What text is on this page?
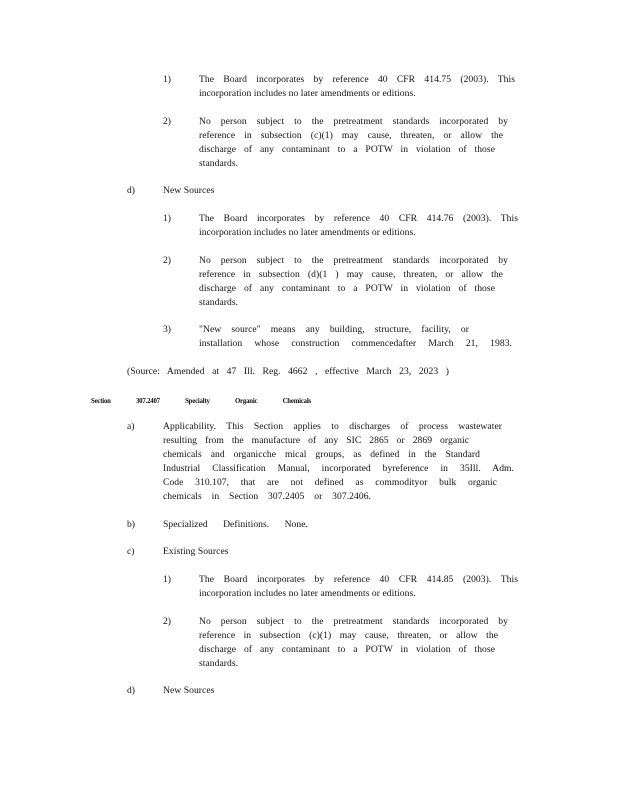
1)	The Board incorporates by reference 40 CFR 414.75 (2003). This
incorporation includes no later amendments or editions.
2)	No person subject to the pretreatment standards incorporated by
reference in subsection (c)(1) may cause, threaten, or allow the
discharge of any contaminant to a POTW in violation of those
standards.
d)	New Sources
1)	The Board incorporates by reference 40 CFR 414.76 (2003). This
incorporation includes no later amendments or editions.
2)	No person subject to the pretreatment standards incorporated by
reference in subsection (d)(1 ) may cause, threaten, or allow the
discharge of any contaminant to a POTW in violation of those
standards.
3)	"New source" means any building, structure, facility, or
installation whose construction commencedafter March 21, 1983.
(Source: Amended at 47 Ill. Reg. 4662 , effective March 23, 2023 )
Section 307.2407 Specialty Organic Chemicals
a)	Applicability. This Section applies to discharges of process wastewater
resulting from the manufacture of any SIC 2865 or 2869 organic
chemicals and organicche mical groups, as defined in the Standard
Industrial Classification Manual, incorporated byreference in 35Ill. Adm.
Code 310.107, that are not defined as commodityor bulk organic
chemicals in Section 307.2405 or 307.2406.
b)	Specialized Definitions. None.
c)	Existing Sources
1)	The Board incorporates by reference 40 CFR 414.85 (2003). This
incorporation includes no later amendments or editions.
2)	No person subject to the pretreatment standards incorporated by
reference in subsection (c)(1) may cause, threaten, or allow the
discharge of any contaminant to a POTW in violation of those
standards.
d)	New Sources
